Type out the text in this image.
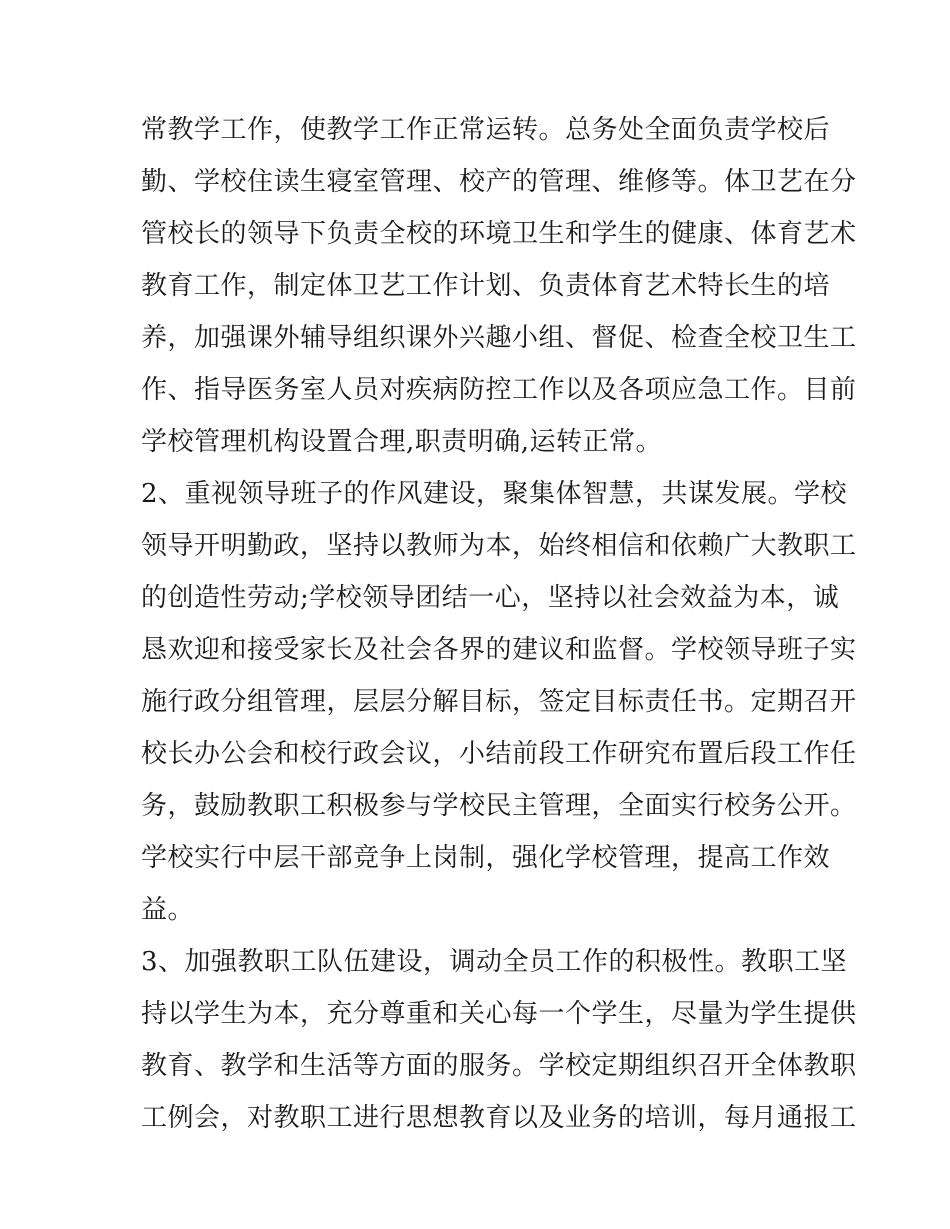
常教学工作，使教学工作正常运转。总务处全面负责学校后
勤、学校住读生寝室管理、校产的管理、维修等。体卫艺在分
管校长的领导下负责全校的环境卫生和学生的健康、体育艺术
教育工作，制定体卫艺工作计划、负责体育艺术特长生的培
养，加强课外辅导组织课外兴趣小组、督促、检查全校卫生工
作、指导医务室人员对疾病防控工作以及各项应急工作。目前
学校管理机构设置合理,职责明确,运转正常。
2、重视领导班子的作风建设，聚集体智慧，共谋发展。学校
领导开明勤政，坚持以教师为本，始终相信和依赖广大教职工
的创造性劳动;学校领导团结一心，坚持以社会效益为本，诚
恳欢迎和接受家长及社会各界的建议和监督。学校领导班子实
施行政分组管理，层层分解目标，签定目标责任书。定期召开
校长办公会和校行政会议，小结前段工作研究布置后段工作任
务，鼓励教职工积极参与学校民主管理，全面实行校务公开。
学校实行中层干部竞争上岗制，强化学校管理，提高工作效
益。
3、加强教职工队伍建设，调动全员工作的积极性。教职工坚
持以学生为本，充分尊重和关心每一个学生，尽量为学生提供
教育、教学和生活等方面的服务。学校定期组织召开全体教职
工例会，对教职工进行思想教育以及业务的培训，每月通报工
